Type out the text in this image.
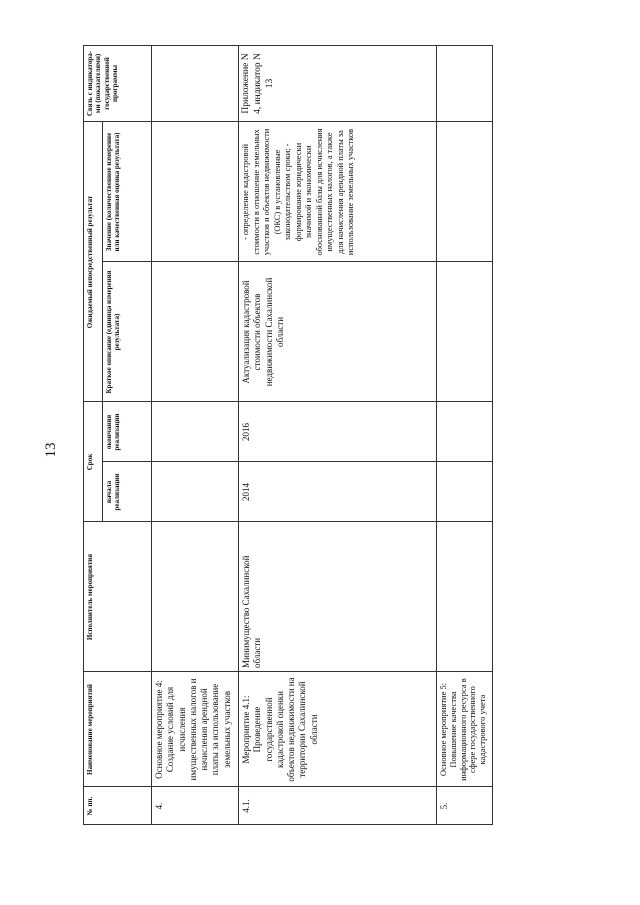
13
№ пп.
Наименование мероприятий
Исполнитель мероприятия
Срок
начала реализации
окончания реализации
Ожидаемый непосредственный результат
Краткое описание (единица измерения результата)
Значение (количественное измерение или качественная оценка результата)
Связь с индикатора-ми (показателями) государственной программы
4.
Основное мероприятие 4: Создание условий для исчисления имущественных налогов и начисления арендной платы за использование земельных участков
4.1.
Мероприятие 4.1: Проведение государственной кадастровой оценки объектов недвижимости на территории Сахалинской области
Минимущество Сахалинской области
2014
2016
Актуализация кадастровой стоимости объектов недвижимости Сахалинской области
- определение кадастровой стоимости в отношение земельных участков и объектов недвижимости (ОКС) в установленные законодательством сроки; - формирование юридически значимой и экономически обоснованной базы для исчисления имущественных налогов, а также для начисления арендной платы за использование земельных участков
Приложение N 4, индикатор N 13
5.
Основное мероприятие 5: Повышение качества информационного ресурса в сфере государственного кадастрового учета
